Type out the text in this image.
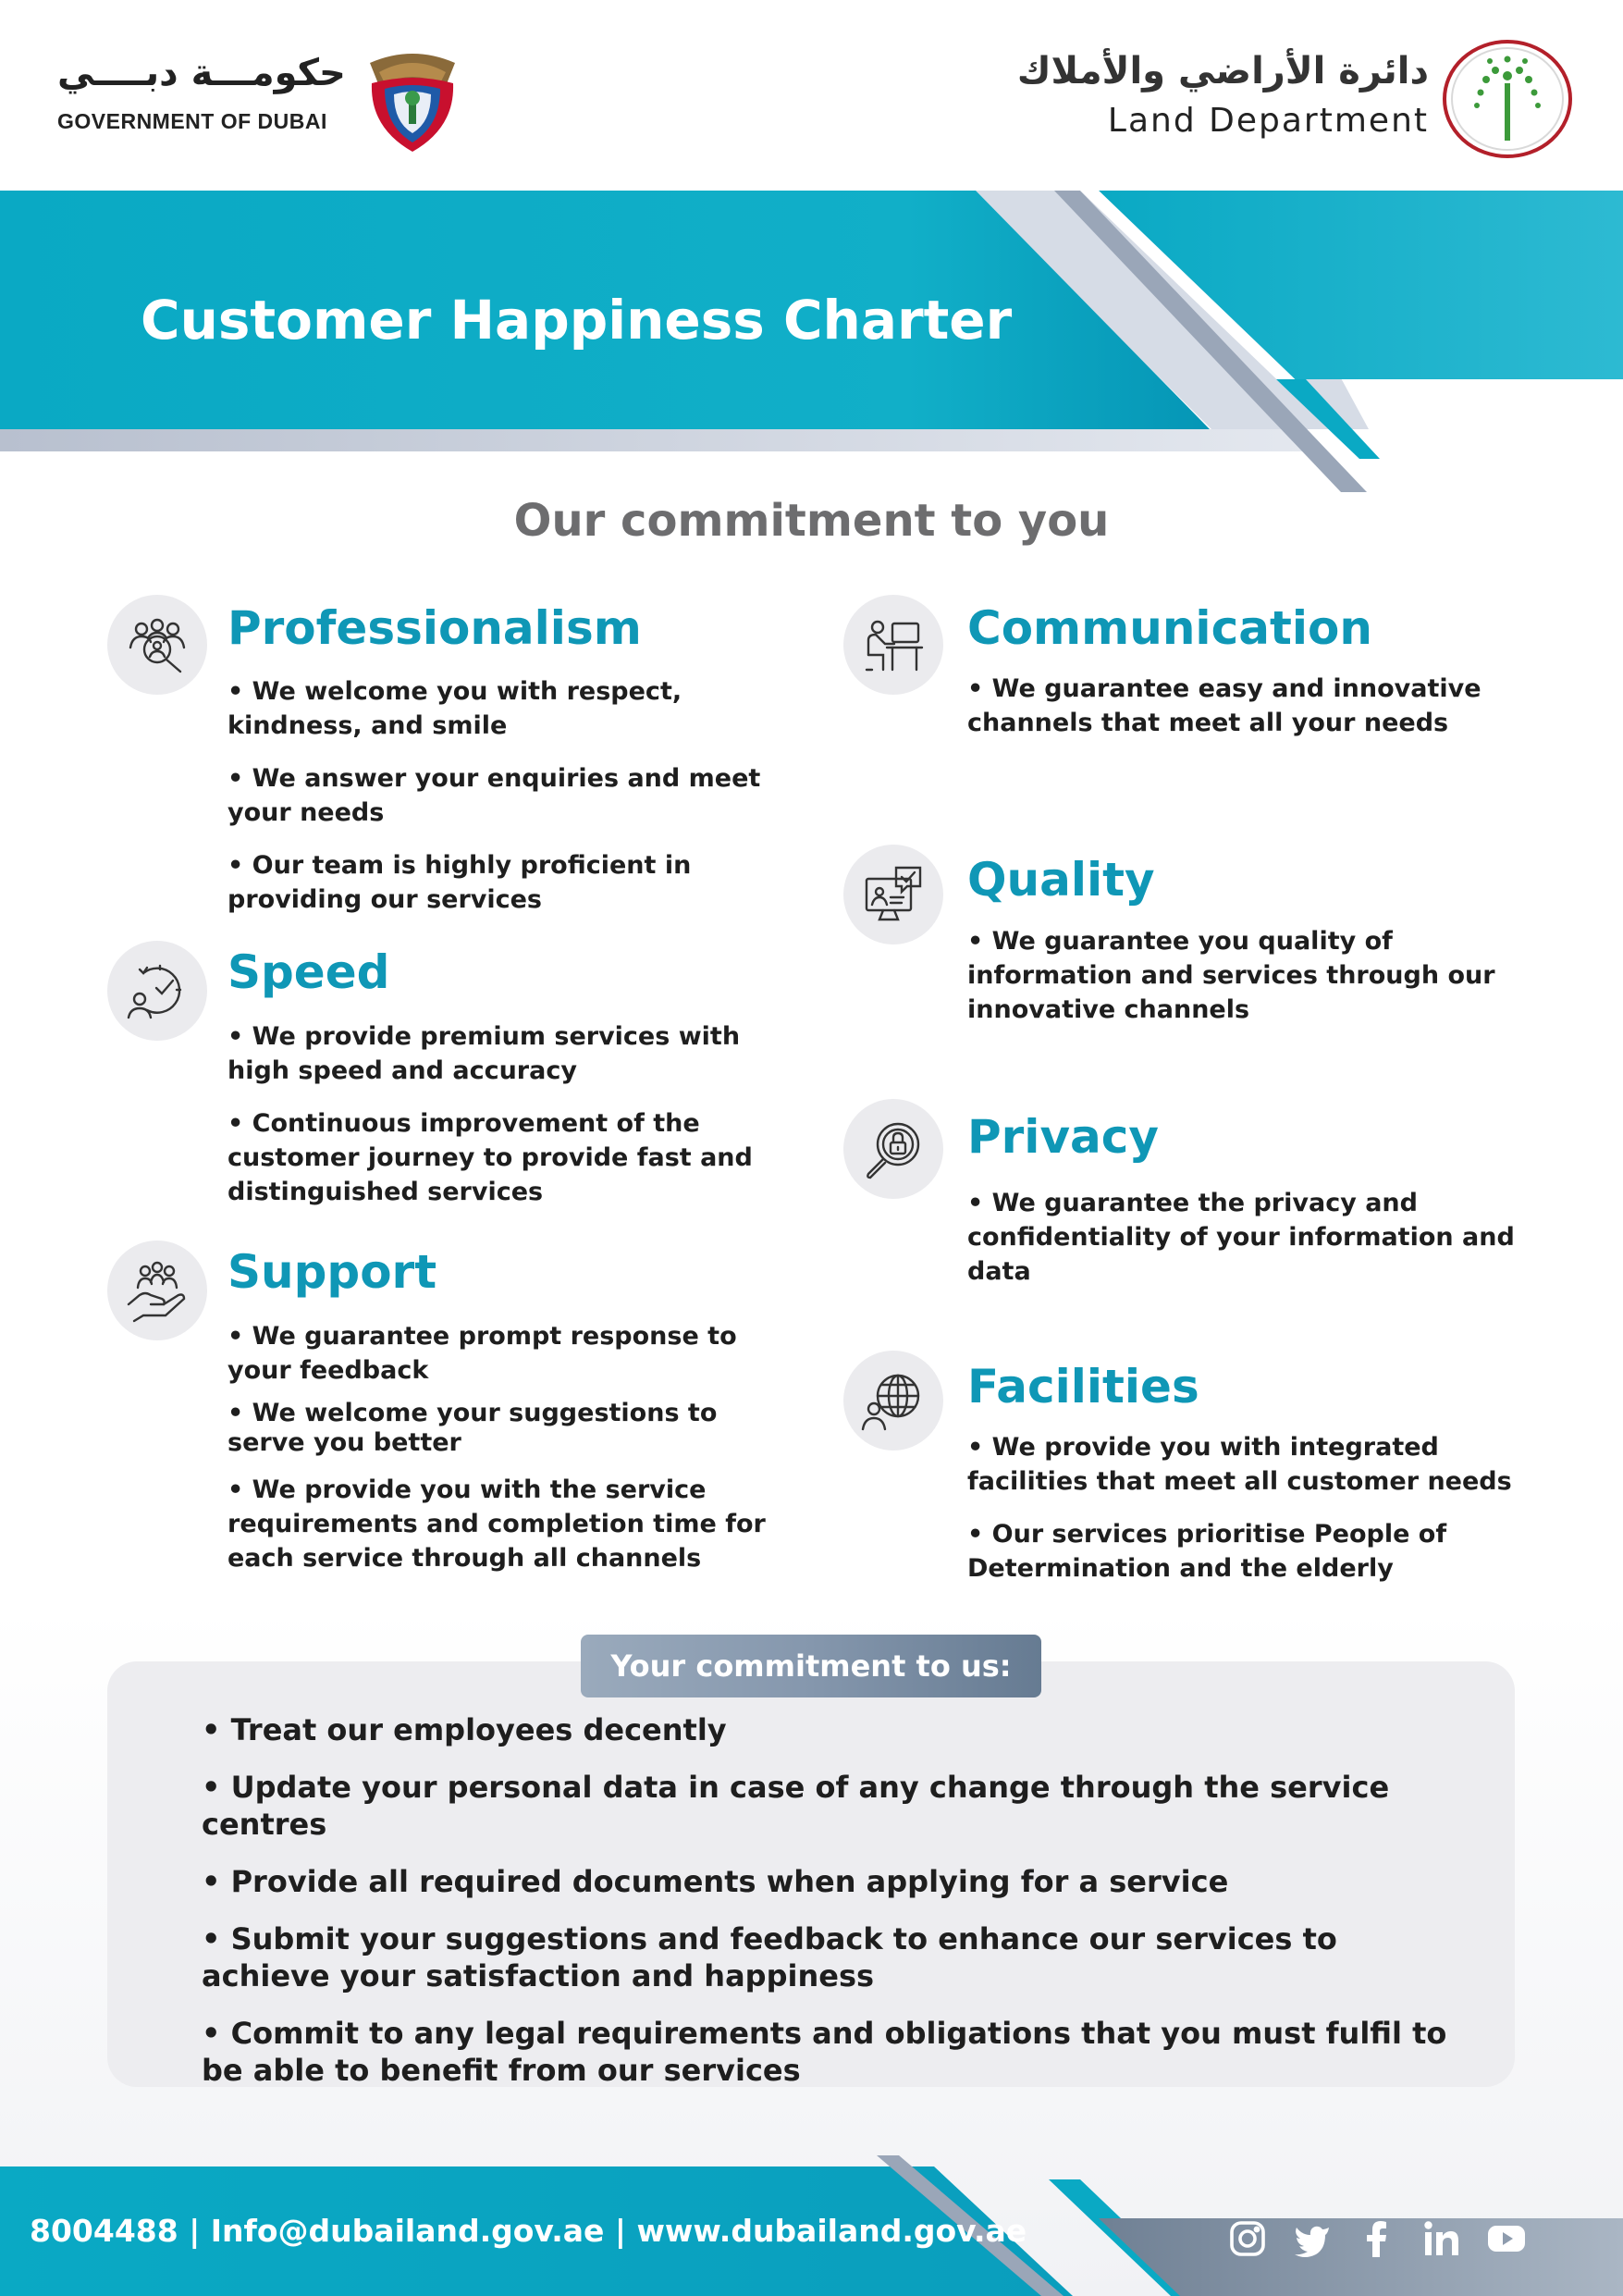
حكومـــة دبــــي
GOVERNMENT OF DUBAI
دائرة الأراضي والأملاك
Land Department
Customer Happiness Charter
Our commitment to you
Professionalism
• We welcome you with respect, kindness, and smile
• We answer your enquiries and meet your needs
• Our team is highly proficient in providing our services
Speed
• We provide premium services with high speed and accuracy
• Continuous improvement of the customer journey to provide fast and distinguished services
Support
• We guarantee prompt response to your feedback
• We welcome your suggestions to serve you better
• We provide you with the service requirements and completion time for each service through all channels
Communication
• We guarantee easy and innovative channels that meet all your needs
Quality
• We guarantee you quality of information and services through our innovative channels
Privacy
• We guarantee the privacy and confidentiality of your information and data
Facilities
• We provide you with integrated facilities that meet all customer needs
• Our services prioritise People of Determination and the elderly
Your commitment to us:
• Treat our employees decently
• Update your personal data in case of any change through the service centres
• Provide all required documents when applying for a service
• Submit your suggestions and feedback to enhance our services to achieve your satisfaction and happiness
• Commit to any legal requirements and obligations that you must fulfil to be able to benefit from our services
8004488 | Info@dubailand.gov.ae | www.dubailand.gov.ae
